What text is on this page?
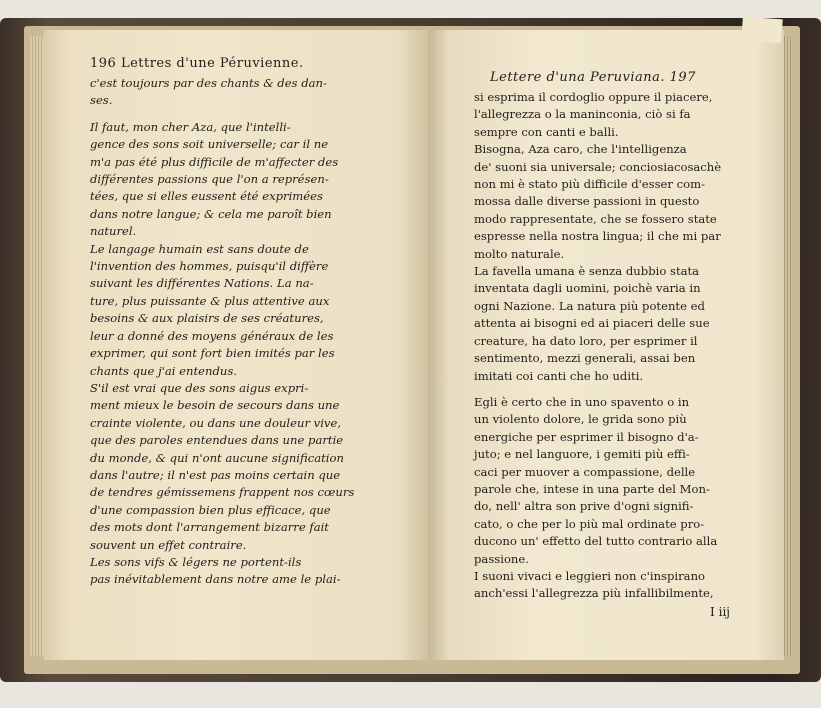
196 Lettres d'une Péruvienne.
c'est toujours par des chants & des dan-
ses.
Il faut, mon cher Aza, que l'intelli-
gence des sons soit universelle; car il ne
m'a pas été plus difficile de m'affecter des
différentes passions que l'on a représen-
tées, que si elles eussent été exprimées
dans notre langue; & cela me paroît bien
naturel.
Le langage humain est sans doute de
l'invention des hommes, puisqu'il diffère
suivant les différentes Nations. La na-
ture, plus puissante & plus attentive aux
besoins & aux plaisirs de ses créatures,
leur a donné des moyens généraux de les
exprimer, qui sont fort bien imités par les
chants que j'ai entendus.
S'il est vrai que des sons aigus expri-
ment mieux le besoin de secours dans une
crainte violente, ou dans une douleur vive,
que des paroles entendues dans une partie
du monde, & qui n'ont aucune signification
dans l'autre; il n'est pas moins certain que
de tendres gémissemens frappent nos cœurs
d'une compassion bien plus efficace, que
des mots dont l'arrangement bizarre fait
souvent un effet contraire.
Les sons vifs & légers ne portent-ils
pas inévitablement dans notre ame le plai-
Lettere d'una Peruviana. 197
si esprima il cordoglio oppure il piacere,
l'allegrezza o la maninconia, ciò si fa
sempre con canti e balli.
Bisogna, Aza caro, che l'intelligenza
de' suoni sia universale; conciosiacosachè
non mi è stato più difficile d'esser com-
mossa dalle diverse passioni in questo
modo rappresentate, che se fossero state
espresse nella nostra lingua; il che mi par
molto naturale.
La favella umana è senza dubbio stata
inventata dagli uomini, poichè varia in
ogni Nazione. La natura più potente ed
attenta ai bisogni ed ai piaceri delle sue
creature, ha dato loro, per esprimer il
sentimento, mezzi generali, assai ben
imitati coi canti che ho uditi.
Egli è certo che in uno spavento o in
un violento dolore, le grida sono più
energiche per esprimer il bisogno d'a-
juto; e nel languore, i gemiti più effi-
caci per muover a compassione, delle
parole che, intese in una parte del Mon-
do, nell' altra son prive d'ogni signifi-
cato, o che per lo più mal ordinate pro-
ducono un' effetto del tutto contrario alla
passione.
I suoni vivaci e leggieri non c'inspirano
anch'essi l'allegrezza più infallibilmente,
I iij
